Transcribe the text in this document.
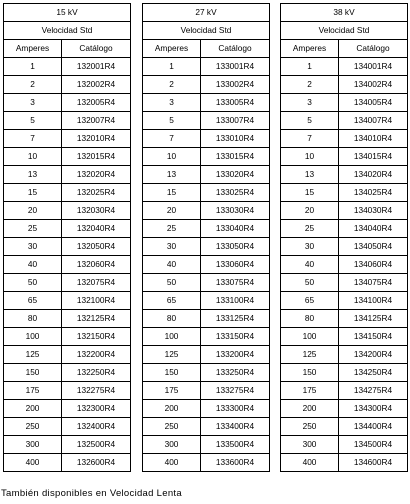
15 kV	
Velocidad Std	
Amperes	Catálogo
1	132001R4
2	132002R4
3	132005R4
5	132007R4
7	132010R4
10	132015R4
13	132020R4
15	132025R4
20	132030R4
25	132040R4
30	132050R4
40	132060R4
50	132075R4
65	132100R4
80	132125R4
100	132150R4
125	132200R4
150	132250R4
175	132275R4
200	132300R4
250	132400R4
300	132500R4
400	132600R4
27 kV	
Velocidad Std	
Amperes	Catálogo
1	133001R4
2	133002R4
3	133005R4
5	133007R4
7	133010R4
10	133015R4
13	133020R4
15	133025R4
20	133030R4
25	133040R4
30	133050R4
40	133060R4
50	133075R4
65	133100R4
80	133125R4
100	133150R4
125	133200R4
150	133250R4
175	133275R4
200	133300R4
250	133400R4
300	133500R4
400	133600R4
38 kV	
Velocidad Std	
Amperes	Catálogo
1	134001R4
2	134002R4
3	134005R4
5	134007R4
7	134010R4
10	134015R4
13	134020R4
15	134025R4
20	134030R4
25	134040R4
30	134050R4
40	134060R4
50	134075R4
65	134100R4
80	134125R4
100	134150R4
125	134200R4
150	134250R4
175	134275R4
200	134300R4
250	134400R4
300	134500R4
400	134600R4
También disponibles en Velocidad Lenta
